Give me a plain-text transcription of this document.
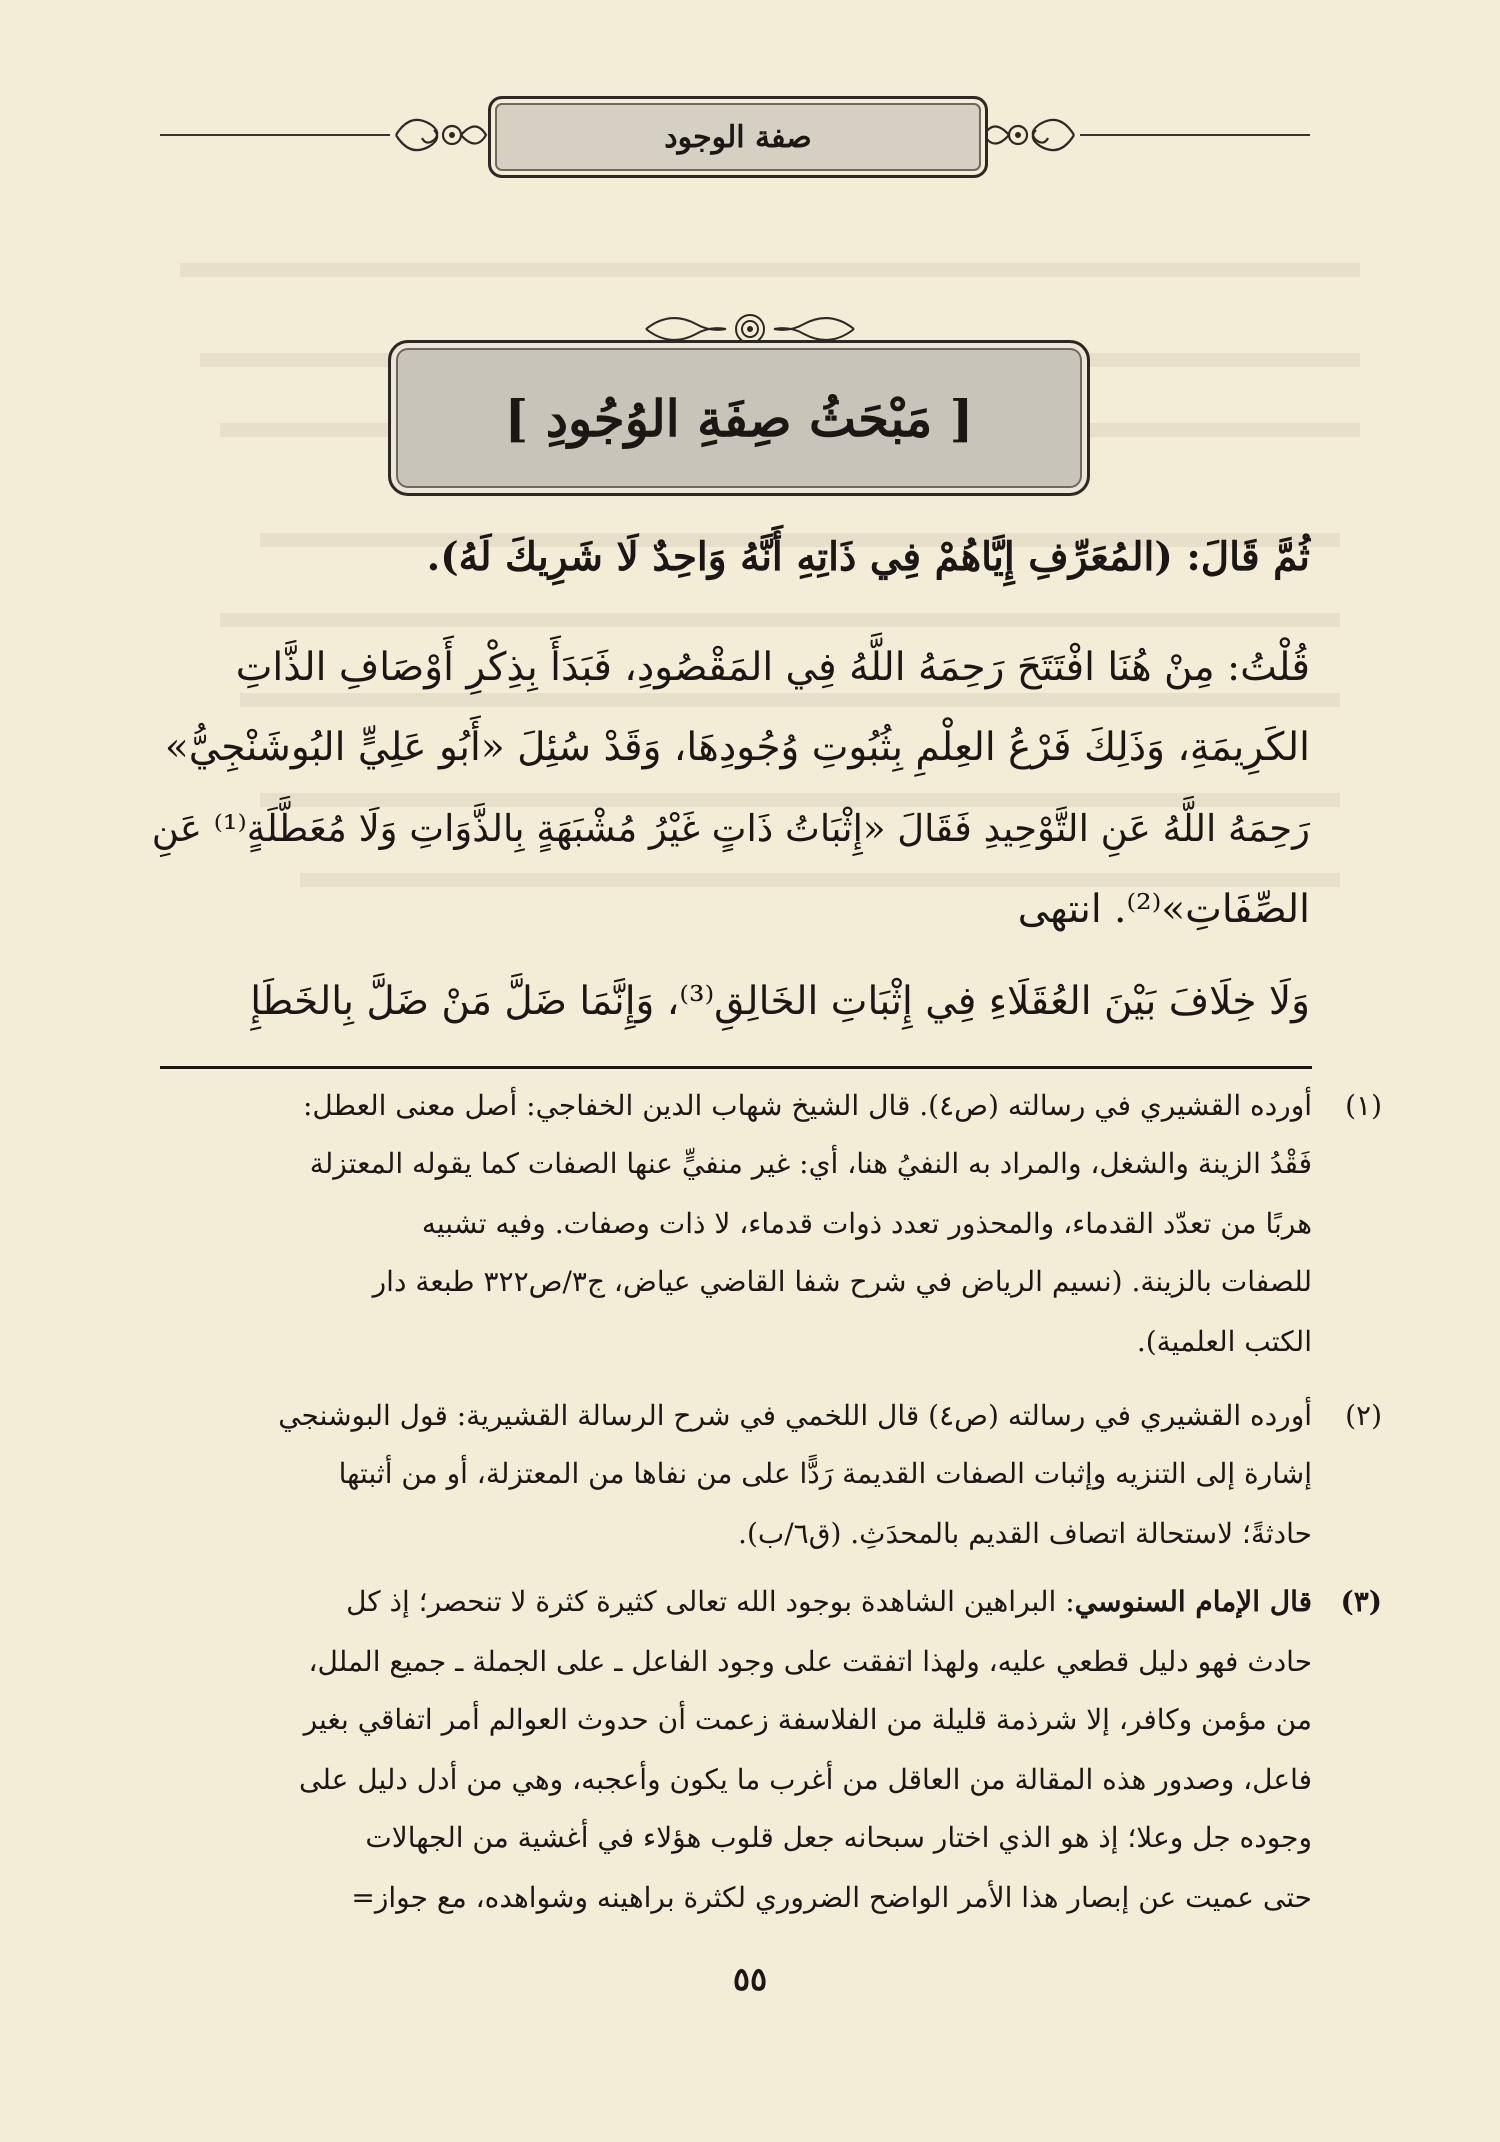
صفة الوجود
[ مَبْحَثُ صِفَةِ الوُجُودِ ]
ثُمَّ قَالَ: (المُعَرِّفِ إِيَّاهُمْ فِي ذَاتِهِ أَنَّهُ وَاحِدٌ لَا شَرِيكَ لَهُ).
قُلْتُ: مِنْ هُنَا افْتَتَحَ رَحِمَهُ اللَّهُ فِي المَقْصُودِ، فَبَدَأَ بِذِكْرِ أَوْصَافِ الذَّاتِ
الكَرِيمَةِ، وَذَلِكَ فَرْعُ العِلْمِ بِثُبُوتِ وُجُودِهَا، وَقَدْ سُئِلَ «أَبُو عَلِيٍّ البُوشَنْجِيُّ»
رَحِمَهُ اللَّهُ عَنِ التَّوْحِيدِ فَقَالَ «إِثْبَاتُ ذَاتٍ غَيْرُ مُشْبَهَةٍ بِالذَّوَاتِ وَلَا مُعَطَّلَةٍ⁽¹⁾ عَنِ
الصِّفَاتِ»⁽²⁾. انتهى
وَلَا خِلَافَ بَيْنَ العُقَلَاءِ فِي إِثْبَاتِ الخَالِقِ⁽³⁾، وَإِنَّمَا ضَلَّ مَنْ ضَلَّ بِالخَطَإِ
(١)
أورده القشيري في رسالته (ص٤). قال الشيخ شهاب الدين الخفاجي: أصل معنى العطل:
فَقْدُ الزينة والشغل، والمراد به النفيُ هنا، أي: غير منفيٍّ عنها الصفات كما يقوله المعتزلة
هربًا من تعدّد القدماء، والمحذور تعدد ذوات قدماء، لا ذات وصفات. وفيه تشبيه
للصفات بالزينة. (نسيم الرياض في شرح شفا القاضي عياض، ج٣/ص٣٢٢ طبعة دار
الكتب العلمية).
(٢)
أورده القشيري في رسالته (ص٤) قال اللخمي في شرح الرسالة القشيرية: قول البوشنجي
إشارة إلى التنزيه وإثبات الصفات القديمة رَدًّا على من نفاها من المعتزلة، أو من أثبتها
حادثةً؛ لاستحالة اتصاف القديم بالمحدَثِ. (ق٦/ب).
(٣)
قال الإمام السنوسي: البراهين الشاهدة بوجود الله تعالى كثيرة كثرة لا تنحصر؛ إذ كل
حادث فهو دليل قطعي عليه، ولهذا اتفقت على وجود الفاعل ـ على الجملة ـ جميع الملل،
من مؤمن وكافر، إلا شرذمة قليلة من الفلاسفة زعمت أن حدوث العوالم أمر اتفاقي بغير
فاعل، وصدور هذه المقالة من العاقل من أغرب ما يكون وأعجبه، وهي من أدل دليل على
وجوده جل وعلا؛ إذ هو الذي اختار سبحانه جعل قلوب هؤلاء في أغشية من الجهالات
حتى عميت عن إبصار هذا الأمر الواضح الضروري لكثرة براهينه وشواهده، مع جواز=
٥٥
